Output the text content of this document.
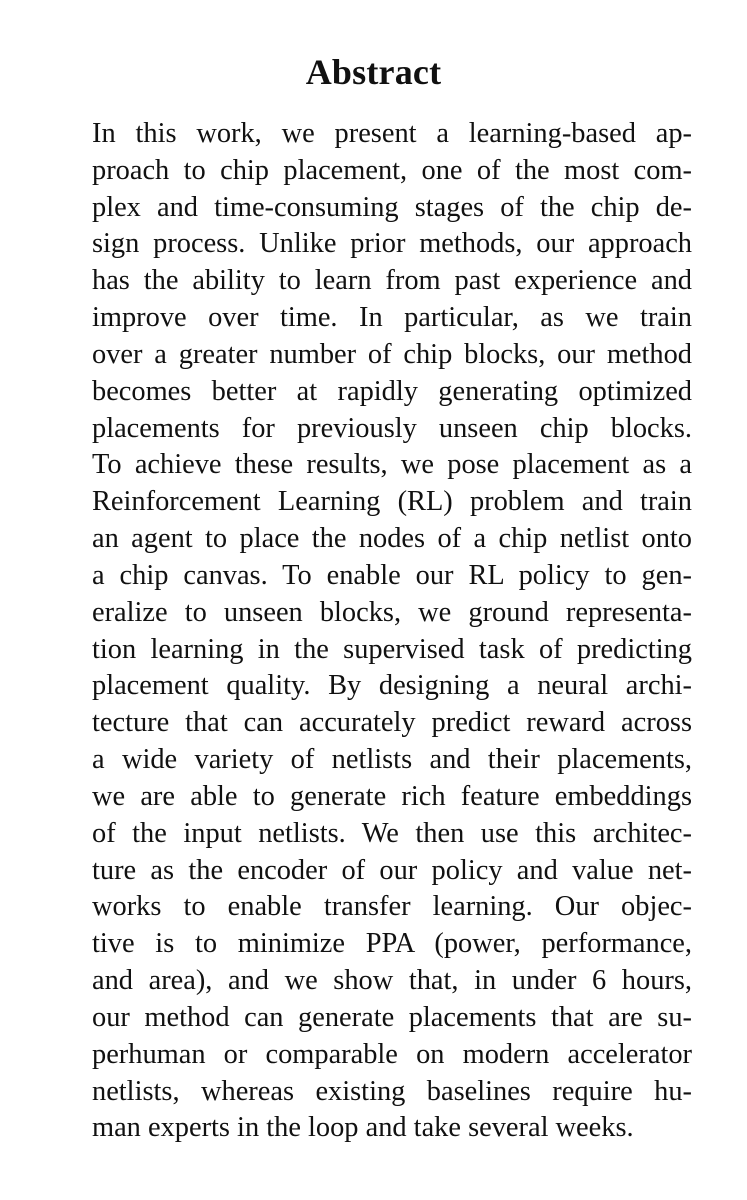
Abstract
In this work, we present a learning-based ap-
proach to chip placement, one of the most com-
plex and time-consuming stages of the chip de-
sign process. Unlike prior methods, our approach
has the ability to learn from past experience and
improve over time. In particular, as we train
over a greater number of chip blocks, our method
becomes better at rapidly generating optimized
placements for previously unseen chip blocks.
To achieve these results, we pose placement as a
Reinforcement Learning (RL) problem and train
an agent to place the nodes of a chip netlist onto
a chip canvas. To enable our RL policy to gen-
eralize to unseen blocks, we ground representa-
tion learning in the supervised task of predicting
placement quality. By designing a neural archi-
tecture that can accurately predict reward across
a wide variety of netlists and their placements,
we are able to generate rich feature embeddings
of the input netlists. We then use this architec-
ture as the encoder of our policy and value net-
works to enable transfer learning. Our objec-
tive is to minimize PPA (power, performance,
and area), and we show that, in under 6 hours,
our method can generate placements that are su-
perhuman or comparable on modern accelerator
netlists, whereas existing baselines require hu-
man experts in the loop and take several weeks.
